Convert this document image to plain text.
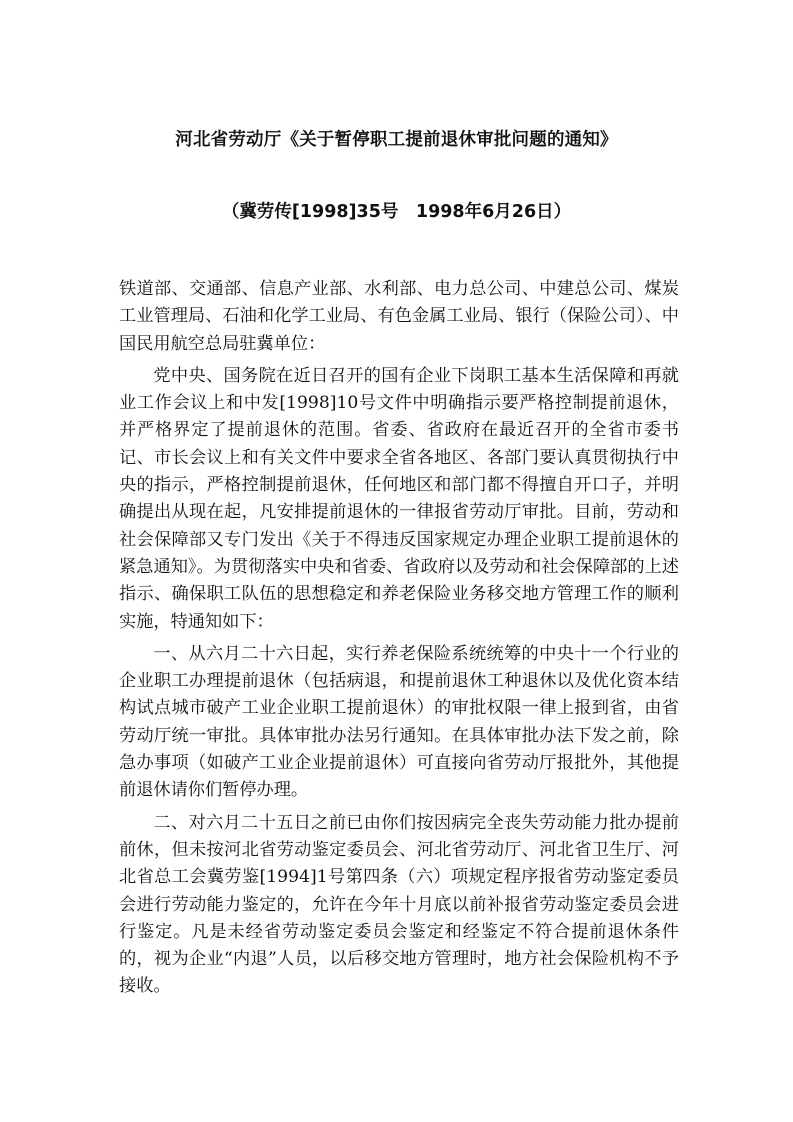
河北省劳动厅《关于暂停职工提前退休审批问题的通知》
（冀劳传[1998]35号　1998年6月26日）

铁道部、交通部、信息产业部、水利部、电力总公司、中建总公司、煤炭工业管理局、石油和化学工业局、有色金属工业局、银行（保险公司）、中国民用航空总局驻冀单位：

党中央、国务院在近日召开的国有企业下岗职工基本生活保障和再就业工作会议上和中发[1998]10号文件中明确指示要严格控制提前退休，并严格界定了提前退休的范围。省委、省政府在最近召开的全省市委书记、市长会议上和有关文件中要求全省各地区、各部门要认真贯彻执行中央的指示，严格控制提前退休，任何地区和部门都不得擅自开口子，并明确提出从现在起，凡安排提前退休的一律报省劳动厅审批。目前，劳动和社会保障部又专门发出《关于不得违反国家规定办理企业职工提前退休的紧急通知》。为贯彻落实中央和省委、省政府以及劳动和社会保障部的上述指示、确保职工队伍的思想稳定和养老保险业务移交地方管理工作的顺利实施，特通知如下：

一、从六月二十六日起，实行养老保险系统统筹的中央十一个行业的企业职工办理提前退休（包括病退，和提前退休工种退休以及优化资本结构试点城市破产工业企业职工提前退休）的审批权限一律上报到省，由省劳动厅统一审批。具体审批办法另行通知。在具体审批办法下发之前，除急办事项（如破产工业企业提前退休）可直接向省劳动厅报批外，其他提前退休请你们暂停办理。

二、对六月二十五日之前已由你们按因病完全丧失劳动能力批办提前前休，但未按河北省劳动鉴定委员会、河北省劳动厅、河北省卫生厅、河北省总工会冀劳鉴[1994]1号第四条（六）项规定程序报省劳动鉴定委员会进行劳动能力鉴定的，允许在今年十月底以前补报省劳动鉴定委员会进行鉴定。凡是未经省劳动鉴定委员会鉴定和经鉴定不符合提前退休条件的，视为企业“内退”人员，以后移交地方管理时，地方社会保险机构不予接收。
